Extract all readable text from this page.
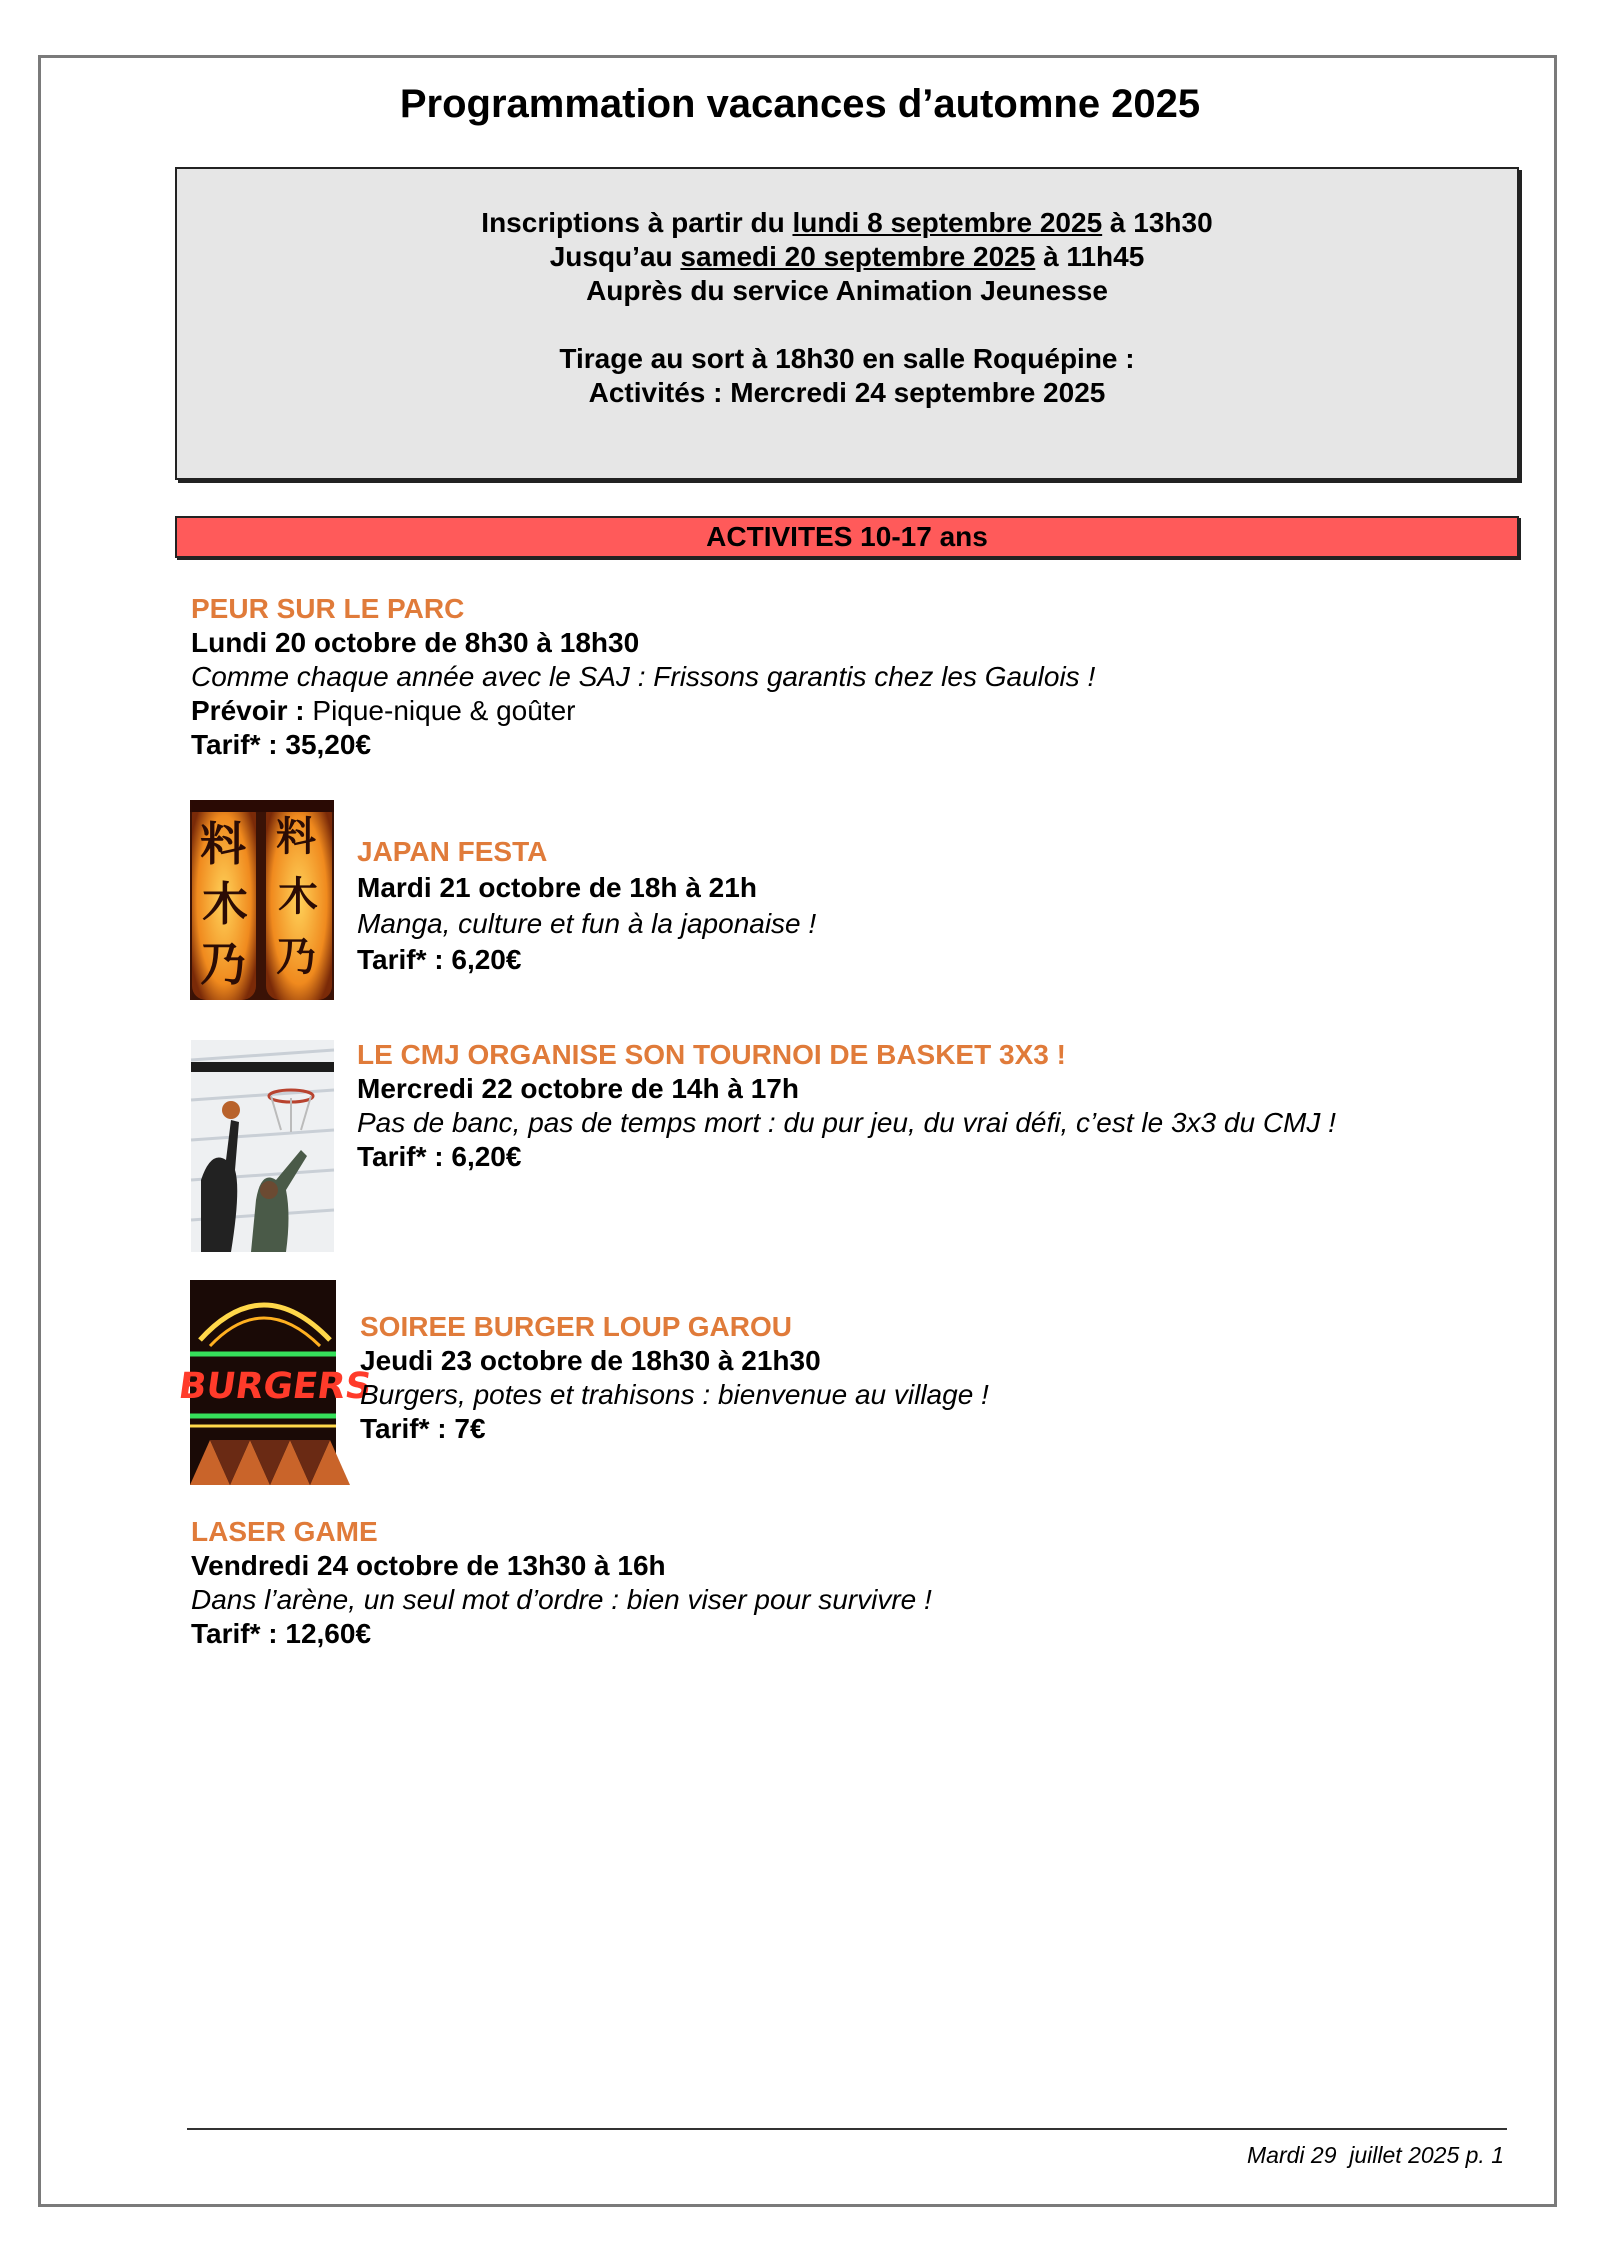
Programmation vacances d’automne 2025
Inscriptions à partir du lundi 8 septembre 2025 à 13h30
Jusqu’au samedi 20 septembre 2025 à 11h45
Auprès du service Animation Jeunesse
Tirage au sort à 18h30 en salle Roquépine :
Activités : Mercredi 24 septembre 2025
ACTIVITES 10-17 ans
PEUR SUR LE PARC
Lundi 20 octobre de 8h30 à 18h30
Comme chaque année avec le SAJ : Frissons garantis chez les Gaulois !
Prévoir : Pique-nique & goûter
Tarif* : 35,20€
料
木
乃
料
木
乃
JAPAN FESTA
Mardi 21 octobre de 18h à 21h
Manga, culture et fun à la japonaise !
Tarif* : 6,20€
LE CMJ ORGANISE SON TOURNOI DE BASKET 3X3 !
Mercredi 22 octobre de 14h à 17h
Pas de banc, pas de temps mort : du pur jeu, du vrai défi, c’est le 3x3 du CMJ !
Tarif* : 6,20€
BURGERS
SOIREE BURGER LOUP GAROU
Jeudi 23 octobre de 18h30 à 21h30
Burgers, potes et trahisons : bienvenue au village !
Tarif* : 7€
LASER GAME
Vendredi 24 octobre de 13h30 à 16h
Dans l’arène, un seul mot d’ordre : bien viser pour survivre !
Tarif* : 12,60€
Mardi 29  juillet 2025 p. 1
